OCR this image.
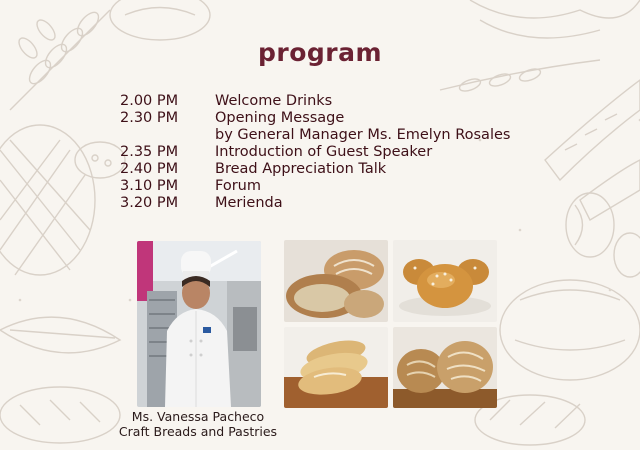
program
2.00 PM	Welcome Drinks
2.30 PM	Opening Message
by General Manager Ms. Emelyn Rosales
2.35 PM	Introduction of Guest Speaker
2.40 PM	Bread Appreciation Talk
3.10 PM	Forum
3.20 PM	Merienda
Ms. Vanessa Pacheco
Craft Breads and Pastries
